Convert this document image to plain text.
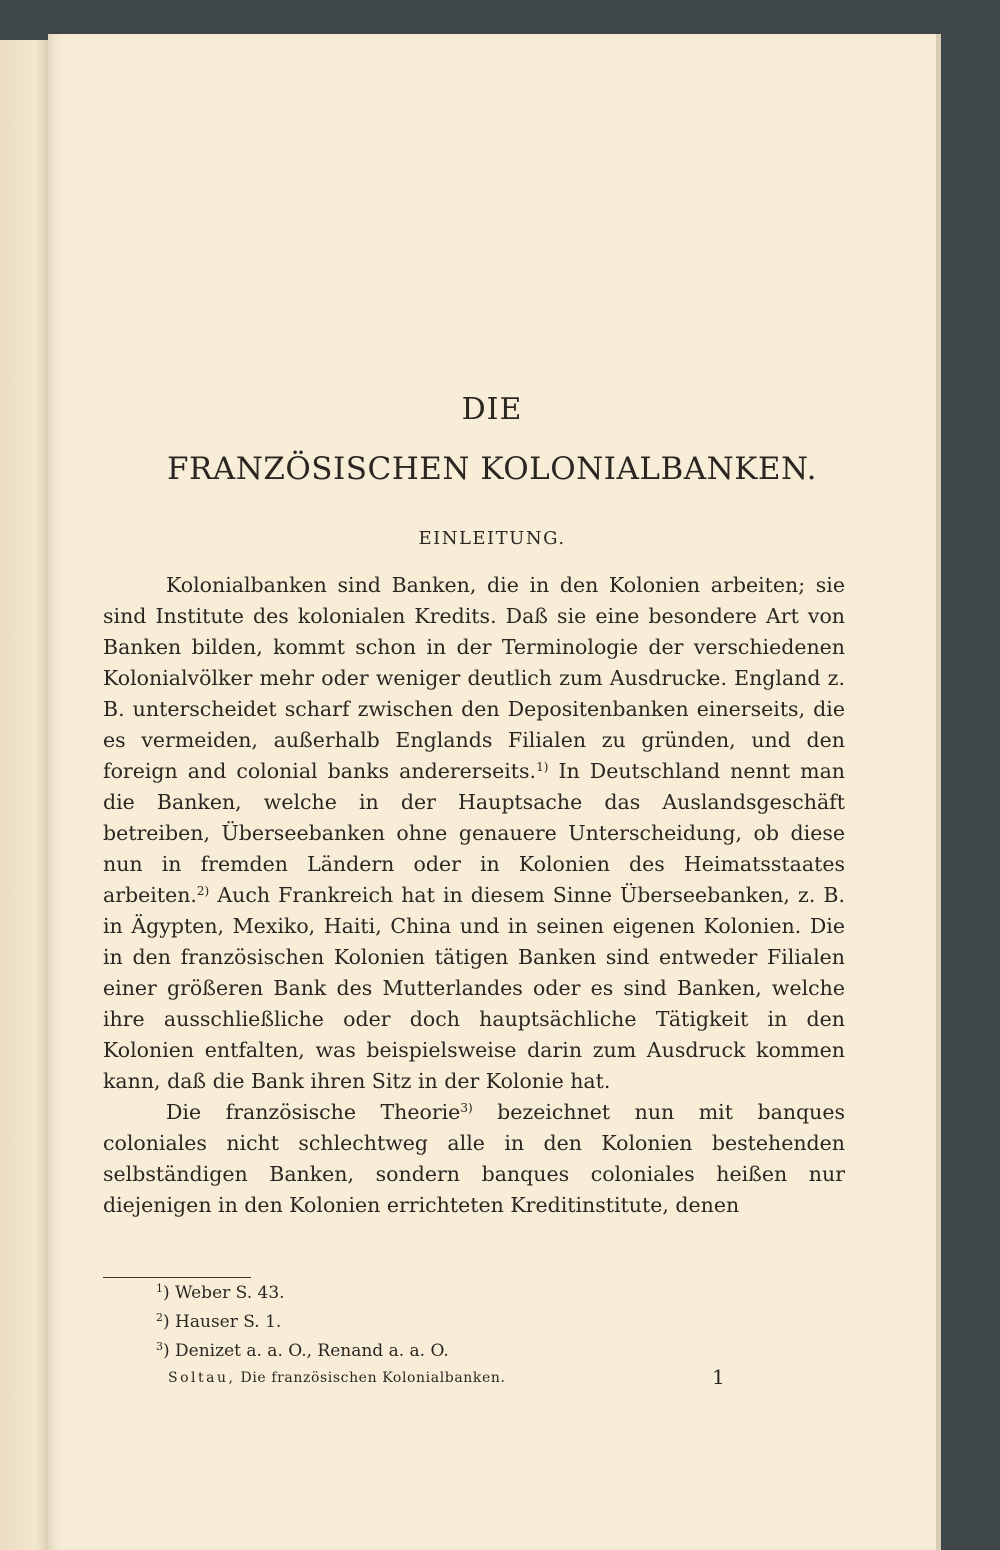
DIE
FRANZÖSISCHEN KOLONIALBANKEN.
EINLEITUNG.

Kolonialbanken sind Banken, die in den Kolonien arbeiten; sie sind Institute des kolonialen Kredits. Daß sie eine besondere Art von Banken bilden, kommt schon in der Terminologie der verschiedenen Kolonialvölker mehr oder weniger deutlich zum Ausdrucke. England z. B. unterscheidet scharf zwischen den Depositenbanken einerseits, die es vermeiden, außerhalb Englands Filialen zu gründen, und den foreign and colonial banks andererseits.$^{1)}$ In Deutschland nennt man die Banken, welche in der Hauptsache das Auslandsgeschäft betreiben, Überseebanken ohne genauere Unterscheidung, ob diese nun in fremden Ländern oder in Kolonien des Heimatsstaates arbeiten.$^{2)}$ Auch Frankreich hat in diesem Sinne Überseebanken, z. B. in Ägypten, Mexiko, Haiti, China und in seinen eigenen Kolonien. Die in den französischen Kolonien tätigen Banken sind entweder Filialen einer größeren Bank des Mutterlandes oder es sind Banken, welche ihre ausschließliche oder doch hauptsächliche Tätigkeit in den Kolonien entfalten, was beispielsweise darin zum Ausdruck kommen kann, daß die Bank ihren Sitz in der Kolonie hat.

Die französische Theorie$^{3)}$ bezeichnet nun mit banques coloniales nicht schlechtweg alle in den Kolonien bestehenden selbständigen Banken, sondern banques coloniales heißen nur diejenigen in den Kolonien errichteten Kreditinstitute, denen

$^1$) Weber S. 43.
$^2$) Hauser S. 1.
$^3$) Denizet a. a. O., Renand a. a. O.
Soltau, Die französischen Kolonialbanken.	1
